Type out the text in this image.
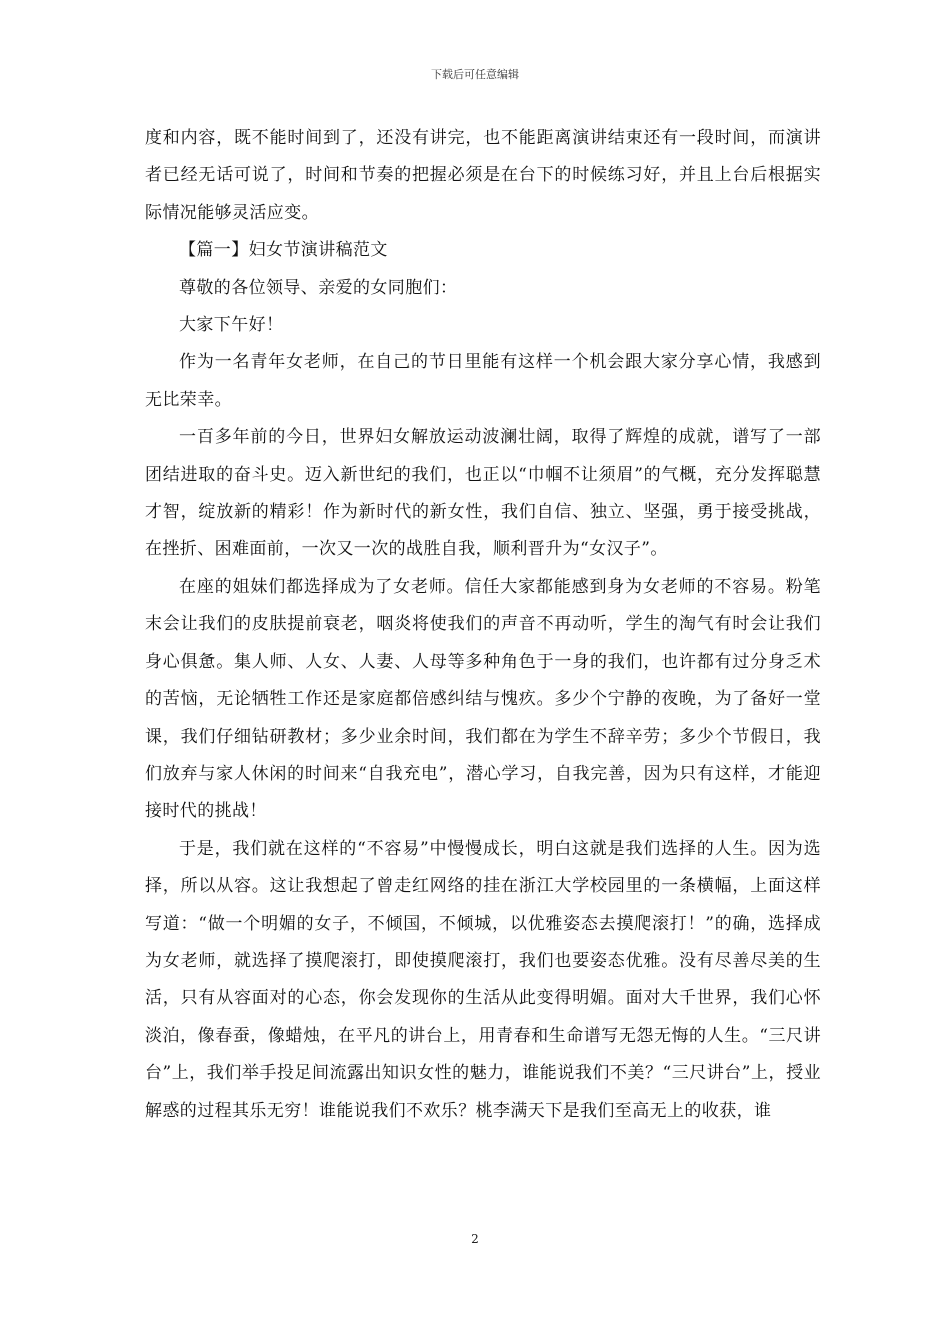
下载后可任意编辑

度和内容，既不能时间到了，还没有讲完，也不能距离演讲结束还有一段时间，而演讲者已经无话可说了，时间和节奏的把握必须是在台下的时候练习好，并且上台后根据实际情况能够灵活应变。

【篇一】妇女节演讲稿范文

尊敬的各位领导、亲爱的女同胞们：

大家下午好！

作为一名青年女老师，在自己的节日里能有这样一个机会跟大家分享心情，我感到无比荣幸。

一百多年前的今日，世界妇女解放运动波澜壮阔，取得了辉煌的成就，谱写了一部团结进取的奋斗史。迈入新世纪的我们，也正以“巾帼不让须眉”的气概，充分发挥聪慧才智，绽放新的精彩！作为新时代的新女性，我们自信、独立、坚强，勇于接受挑战，在挫折、困难面前，一次又一次的战胜自我，顺利晋升为“女汉子”。

在座的姐妹们都选择成为了女老师。信任大家都能感到身为女老师的不容易。粉笔末会让我们的皮肤提前衰老，咽炎将使我们的声音不再动听，学生的淘气有时会让我们身心俱惫。集人师、人女、人妻、人母等多种角色于一身的我们，也许都有过分身乏术的苦恼，无论牺牲工作还是家庭都倍感纠结与愧疚。多少个宁静的夜晚，为了备好一堂课，我们仔细钻研教材；多少业余时间，我们都在为学生不辞辛劳；多少个节假日，我们放弃与家人休闲的时间来“自我充电”，潜心学习，自我完善，因为只有这样，才能迎接时代的挑战！

于是，我们就在这样的“不容易”中慢慢成长，明白这就是我们选择的人生。因为选择，所以从容。这让我想起了曾走红网络的挂在浙江大学校园里的一条横幅，上面这样写道：“做一个明媚的女子，不倾国，不倾城，以优雅姿态去摸爬滚打！”的确，选择成为女老师，就选择了摸爬滚打，即使摸爬滚打，我们也要姿态优雅。没有尽善尽美的生活，只有从容面对的心态，你会发现你的生活从此变得明媚。面对大千世界，我们心怀淡泊，像春蚕，像蜡烛，在平凡的讲台上，用青春和生命谱写无怨无悔的人生。“三尺讲台”上，我们举手投足间流露出知识女性的魅力，谁能说我们不美？“三尺讲台”上，授业解惑的过程其乐无穷！谁能说我们不欢乐？桃李满天下是我们至高无上的收获，谁

2
